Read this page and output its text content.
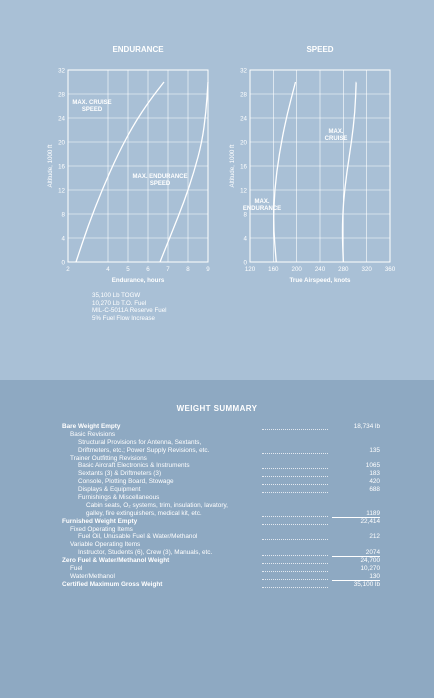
ENDURANCE
0
4
8
12
16
20
24
28
32
2	4	5	6	7	8	9
Endurance, hours
Altitude, 1000 ft
MAX. CRUISE
SPEED
MAX. ENDURANCE
SPEED
SPEED
0
4
8
12
16
20
24
28
32
120 160 200 240 280 320 360
True Airspeed, knots
Altitude, 1000 ft
MAX.
ENDURANCE
MAX.
CRUISE
35,100 Lb TOGW
10,270 Lb T.O. Fuel
MIL-C-5011A Reserve Fuel
5% Fuel Flow Increase
WEIGHT SUMMARY
Bare Weight Empty	18,734 lb
Basic Revisions
Structural Provisions for Antenna, Sextants,
Driftmeters, etc.; Power Supply Revisions, etc.	135
Trainer Outfitting Revisions
Basic Aircraft Electronics & Instruments	1065
Sextants (3) & Driftmeters (3)	183
Console, Plotting Board, Stowage	420
Displays & Equipment	688
Furnishings & Miscellaneous
Cabin seats, O₂ systems, trim, insulation, lavatory,
galley, fire extinguishers, medical kit, etc.	1189
Furnished Weight Empty	22,414
Fixed Operating Items
Fuel Oil, Unusable Fuel & Water/Methanol	212
Variable Operating Items
Instructor, Students (6), Crew (3), Manuals, etc.	2074
Zero Fuel & Water/Methanol Weight	24,700
Fuel	10,270
Water/Methanol	130
Certified Maximum Gross Weight	35,100 lb
